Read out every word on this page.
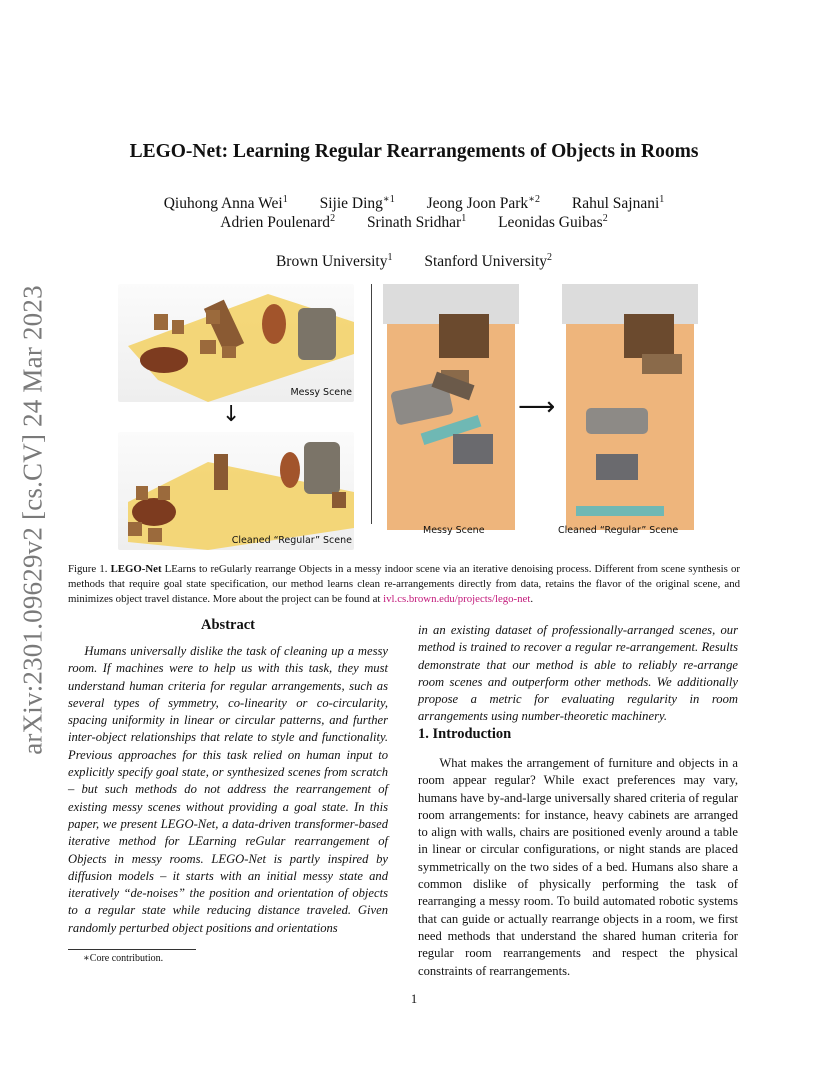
arXiv:2301.09629v2 [cs.CV] 24 Mar 2023
LEGO-Net: Learning Regular Rearrangements of Objects in Rooms
Qiuhong Anna Wei$^1$ Sijie Ding$^{∗1}$ Jeong Joon Park$^{∗2}$ Rahul Sajnani$^1$
Adrien Poulenard$^2$ Srinath Sridhar$^1$ Leonidas Guibas$^2$
Brown University$^1$ Stanford University$^2$
Messy Scene
↓
Cleaned “Regular” Scene
Messy Scene
⟶
Cleaned “Regular” Scene
Figure 1. LEGO-Net LEarns to reGularly rearrange Objects in a messy indoor scene via an iterative denoising process. Different from scene synthesis or methods that require goal state specification, our method learns clean re-arrangements directly from data, retains the flavor of the original scene, and minimizes object travel distance. More about the project can be found at ivl.cs.brown.edu/projects/lego-net.
Abstract
Humans universally dislike the task of cleaning up a messy room. If machines were to help us with this task, they must understand human criteria for regular arrangements, such as several types of symmetry, co-linearity or co-circularity, spacing uniformity in linear or circular patterns, and further inter-object relationships that relate to style and functionality. Previous approaches for this task relied on human input to explicitly specify goal state, or synthesized scenes from scratch – but such methods do not address the rearrangement of existing messy scenes without providing a goal state. In this paper, we present LEGO-Net, a data-driven transformer-based iterative method for LEarning reGular rearrangement of Objects in messy rooms. LEGO-Net is partly inspired by diffusion models – it starts with an initial messy state and iteratively “de-noises” the position and orientation of objects to a regular state while reducing distance traveled. Given randomly perturbed object positions and orientations
in an existing dataset of professionally-arranged scenes, our method is trained to recover a regular re-arrangement. Results demonstrate that our method is able to reliably re-arrange room scenes and outperform other methods. We additionally propose a metric for evaluating regularity in room arrangements using number-theoretic machinery.
1. Introduction
What makes the arrangement of furniture and objects in a room appear regular? While exact preferences may vary, humans have by-and-large universally shared criteria of regular room arrangements: for instance, heavy cabinets are arranged to align with walls, chairs are positioned evenly around a table in linear or circular configurations, or night stands are placed symmetrically on the two sides of a bed. Humans also share a common dislike of physically performing the task of rearranging a messy room. To build automated robotic systems that can guide or actually rearrange objects in a room, we first need methods that understand the shared human criteria for regular room rearrangements and respect the physical constraints of rearrangements.
∗Core contribution.
1
